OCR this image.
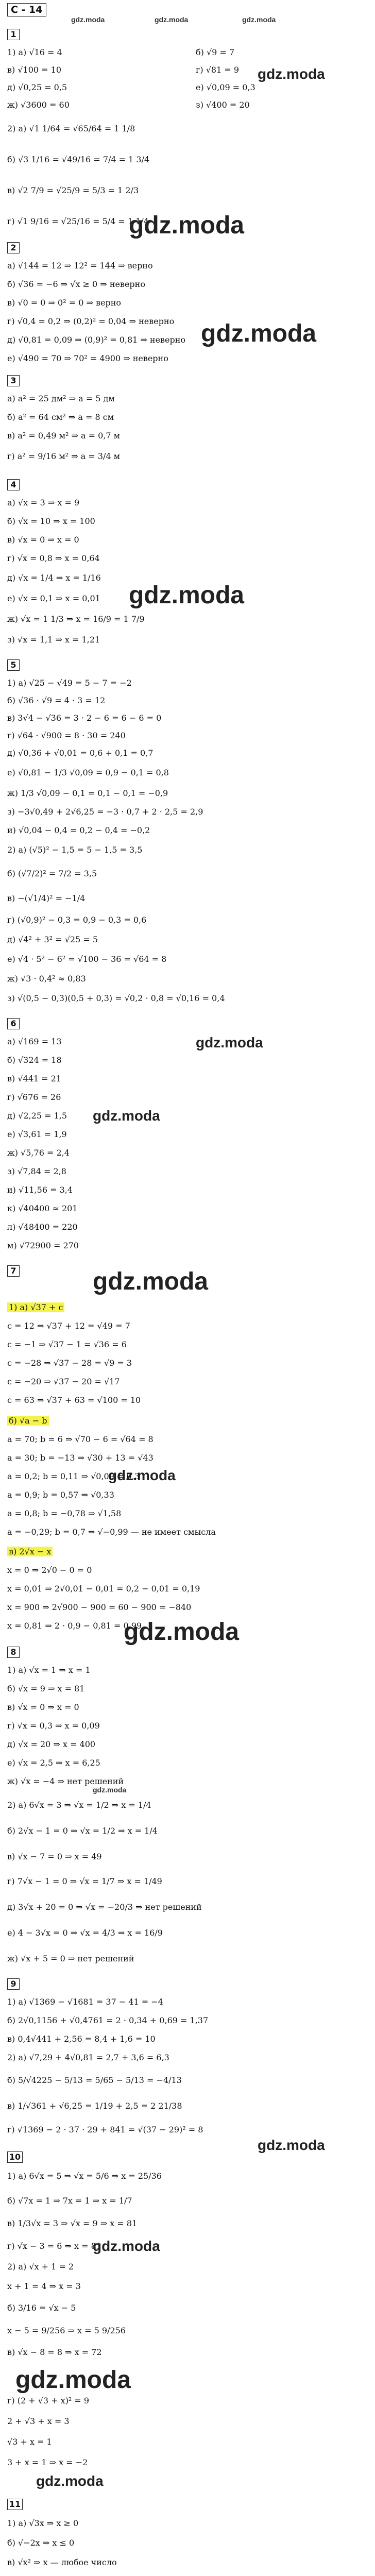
С - 14
gdz.moda	gdz.moda	gdz.moda
1
1) а) √16 = 4	б) √9 = 7
в) √100 = 10	г) √81 = 9
д) √0,25 = 0,5	е) √0,09 = 0,3
ж) √3600 = 60	з) √400 = 20
gdz.moda
2) а) √1 1/64 = √65/64 = 1 1/8
б) √3 1/16 = √49/16 = 7/4 = 1 3/4
в) √2 7/9 = √25/9 = 5/3 = 1 2/3
г) √1 9/16 = √25/16 = 5/4 = 1 1/4
gdz.moda
2
а) √144 = 12 ⇒ 12² = 144 ⇒ верно
б) √36 = −6 ⇒ √x ≥ 0 ⇒ неверно
в) √0 = 0 ⇒ 0² = 0 ⇒ верно
г) √0,4 = 0,2 ⇒ (0,2)² = 0,04 ⇒ неверно
д) √0,81 = 0,09 ⇒ (0,9)² = 0,81 ⇒ неверно
е) √490 = 70 ⇒ 70² = 4900 ⇒ неверно
gdz.moda
3
а) a² = 25 дм² ⇒ a = 5 дм
б) a² = 64 см² ⇒ a = 8 см
в) a² = 0,49 м² ⇒ a = 0,7 м
г) a² = 9/16 м² ⇒ a = 3/4 м
4
а) √x = 3 ⇒ x = 9
б) √x = 10 ⇒ x = 100
в) √x = 0 ⇒ x = 0
г) √x = 0,8 ⇒ x = 0,64
д) √x = 1/4 ⇒ x = 1/16
е) √x = 0,1 ⇒ x = 0,01 gdz.moda
ж) √x = 1 1/3 ⇒ x = 16/9 = 1 7/9
з) √x = 1,1 ⇒ x = 1,21
5
1) а) √25 − √49 = 5 − 7 = −2
б) √36 · √9 = 4 · 3 = 12
в) 3√4 − √36 = 3 · 2 − 6 = 6 − 6 = 0
г) √64 · √900 = 8 · 30 = 240
д) √0,36 + √0,01 = 0,6 + 0,1 = 0,7
е) √0,81 − 1/3 √0,09 = 0,9 − 0,1 = 0,8
ж) 1/3 √0,09 − 0,1 = 0,1 − 0,1 = −0,9
з) −3√0,49 + 2√6,25 = −3 · 0,7 + 2 · 2,5 = 2,9
и) √0,04 − 0,4 = 0,2 − 0,4 = −0,2
2) а) (√5)² − 1,5 = 5 − 1,5 = 3,5
б) (√7/2)² = 7/2 = 3,5
в) −(√1/4)² = −1/4
г) (√0,9)² − 0,3 = 0,9 − 0,3 = 0,6
д) √4² + 3² = √25 = 5
е) √4 · 5² − 6² = √100 − 36 = √64 = 8
ж) √3 · 0,4² ≈ 0,83
з) √(0,5 − 0,3)(0,5 + 0,3) = √0,2 · 0,8 = √0,16 = 0,4
6
а) √169 = 13	gdz.moda
б) √324 = 18
в) √441 = 21
г) √676 = 26
д) √2,25 = 1,5 gdz.moda
е) √3,61 = 1,9
ж) √5,76 = 2,4
з) √7,84 = 2,8
и) √11,56 = 3,4
к) √40400 ≈ 201
л) √48400 = 220
м) √72900 = 270
7	gdz.moda
1) а) √37 + c
c = 12 ⇒ √37 + 12 = √49 = 7
c = −1 ⇒ √37 − 1 = √36 = 6
c = −28 ⇒ √37 − 28 = √9 = 3
c = −20 ⇒ √37 − 20 = √17
c = 63 ⇒ √37 + 63 = √100 = 10
б) √a − b
a = 70; b = 6 ⇒ √70 − 6 = √64 = 8
a = 30; b = −13 ⇒ √30 + 13 = √43
gdz.moda
a = 0,2; b = 0,11 ⇒ √0,09 = 0,3
a = 0,9; b = 0,57 ⇒ √0,33
a = 0,8; b = −0,78 ⇒ √1,58
a = −0,29; b = 0,7 ⇒ √−0,99 — не имеет смысла
в) 2√x − x
x = 0 ⇒ 2√0 − 0 = 0
x = 0,01 ⇒ 2√0,01 − 0,01 = 0,2 − 0,01 = 0,19
x = 900 ⇒ 2√900 − 900 = 60 − 900 = −840
x = 0,81 ⇒ 2 · 0,9 − 0,81 = 0,99
gdz.moda
8
1) а) √x = 1 ⇒ x = 1
б) √x = 9 ⇒ x = 81
в) √x = 0 ⇒ x = 0
г) √x = 0,3 ⇒ x = 0,09
д) √x = 20 ⇒ x = 400
е) √x = 2,5 ⇒ x = 6,25
ж) √x = −4 ⇒ нет решений
gdz.moda
2) а) 6√x = 3 ⇒ √x = 1/2 ⇒ x = 1/4
б) 2√x − 1 = 0 ⇒ √x = 1/2 ⇒ x = 1/4
в) √x − 7 = 0 ⇒ x = 49
г) 7√x − 1 = 0 ⇒ √x = 1/7 ⇒ x = 1/49
д) 3√x + 20 = 0 ⇒ √x = −20/3 ⇒ нет решений
е) 4 − 3√x = 0 ⇒ √x = 4/3 ⇒ x = 16/9
ж) √x + 5 = 0 ⇒ нет решений
9
1) а) √1369 − √1681 = 37 − 41 = −4
б) 2√0,1156 + √0,4761 = 2 · 0,34 + 0,69 = 1,37
в) 0,4√441 + 2,56 = 8,4 + 1,6 = 10
2) а) √7,29 + 4√0,81 = 2,7 + 3,6 = 6,3
б) 5/√4225 − 5/13 = 5/65 − 5/13 = −4/13
в) 1/√361 + √6,25 = 1/19 + 2,5 = 2 21/38
г) √1369 − 2 · 37 · 29 + 841 = √(37 − 29)² = 8
gdz.moda
10
1) а) 6√x = 5 ⇒ √x = 5/6 ⇒ x = 25/36
б) √7x = 1 ⇒ 7x = 1 ⇒ x = 1/7
в) 1/3√x = 3 ⇒ √x = 9 ⇒ x = 81
г) √x − 3 = 6 ⇒ x = 81
gdz.moda
2) а) √x + 1 = 2
x + 1 = 4 ⇒ x = 3
б) 3/16 = √x − 5
x − 5 = 9/256 ⇒ x = 5 9/256
в) √x − 8 = 8 ⇒ x = 72
gdz.moda
г) (2 + √3 + x)² = 9
2 + √3 + x = 3
√3 + x = 1
3 + x = 1 ⇒ x = −2
gdz.moda
11
1) а) √3x ⇒ x ≥ 0
б) √−2x ⇒ x ≤ 0
в) √x² ⇒ x — любое число
